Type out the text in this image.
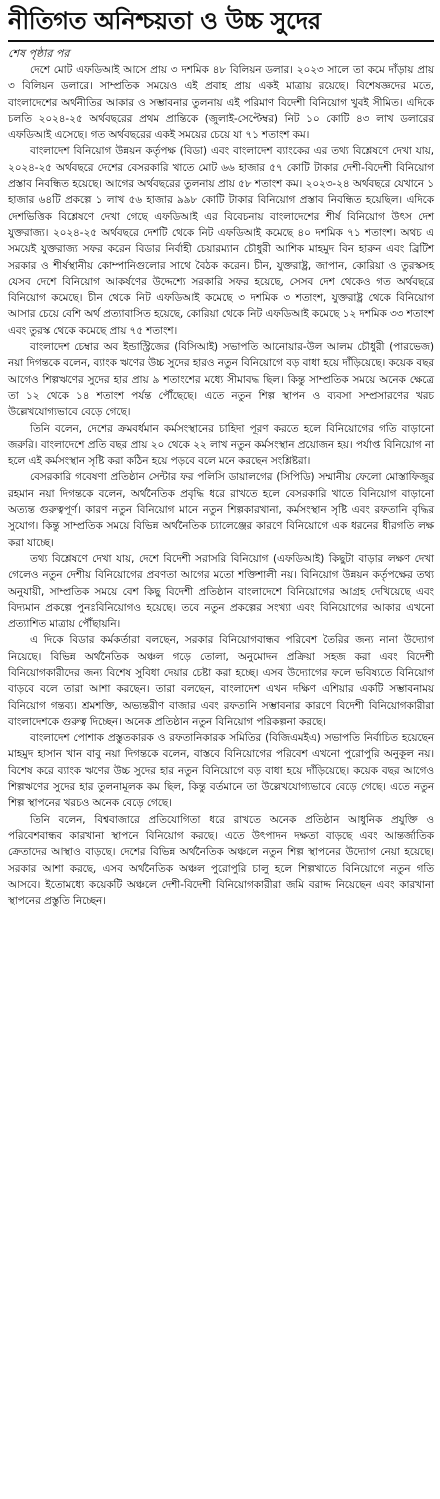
নীতিগত অনিশ্চয়তা ও উচ্চ সুদের

শেষ পৃষ্ঠার পর

দেশে মোট এফডিআই আসে প্রায় ৩ দশমিক ৪৮ বিলিয়ন ডলার। ২০২৩ সালে তা কমে দাঁড়ায় প্রায় ৩ বিলিয়ন ডলারে। সাম্প্রতিক সময়েও এই প্রবাহ প্রায় একই মাত্রায় রয়েছে। বিশেষজ্ঞদের মতে, বাংলাদেশের অর্থনীতির আকার ও সম্ভাবনার তুলনায় এই পরিমাণ বিদেশী বিনিয়োগ খুবই সীমিত। এদিকে চলতি ২০২৪-২৫ অর্থবছরের প্রথম প্রান্তিকে (জুলাই-সেপ্টেম্বর) নিট ১০ কোটি ৪৩ লাখ ডলারের এফডিআই এসেছে। গত অর্থবছরের একই সময়ের চেয়ে যা ৭১ শতাংশ কম।

বাংলাদেশ বিনিয়োগ উন্নয়ন কর্তৃপক্ষ (বিডা) এবং বাংলাদেশ ব্যাংকের এর তথ্য বিশ্লেষণে দেখা যায়, ২০২৪-২৫ অর্থবছরে দেশের বেসরকারি খাতে মোট ৬৬ হাজার ৫৭ কোটি টাকার দেশী-বিদেশী বিনিয়োগ প্রস্তাব নিবন্ধিত হয়েছে। আগের অর্থবছরের তুলনায় প্রায় ৫৮ শতাংশ কম। ২০২৩-২৪ অর্থবছরে যেখানে ১ হাজার ৬৪টি প্রকল্পে ১ লাখ ৫৬ হাজার ৯৯৮ কোটি টাকার বিনিয়োগ প্রস্তাব নিবন্ধিত হয়েছিল। এদিকে দেশভিত্তিক বিশ্লেষণে দেখা গেছে এফডিআই এর বিবেচনায় বাংলাদেশের শীর্ষ বিনিয়োগ উৎস দেশ যুক্তরাজ্য। ২০২৪-২৫ অর্থবছরে দেশটি থেকে নিট এফডিআই কমেছে ৪০ দশমিক ৭১ শতাংশ। অথচ এ সময়েই যুক্তরাজ্য সফর করেন বিডার নির্বাহী চেয়ারম্যান চৌধুরী আশিক মাহমুদ বিন হারুন এবং ব্রিটিশ সরকার ও শীর্ষস্থানীয় কোম্পানিগুলোর সাথে বৈঠক করেন। চীন, যুক্তরাষ্ট্র, জাপান, কোরিয়া ও তুরস্কসহ যেসব দেশে বিনিয়োগ আকর্ষণের উদ্দেশ্যে সরকারি সফর হয়েছে, সেসব দেশ থেকেও গত অর্থবছরে বিনিয়োগ কমেছে। চীন থেকে নিট এফডিআই কমেছে ৩ দশমিক ৩ শতাংশ, যুক্তরাষ্ট্র থেকে বিনিয়োগ আসার চেয়ে বেশি অর্থ প্রত্যাবাসিত হয়েছে, কোরিয়া থেকে নিট এফডিআই কমেছে ১২ দশমিক ৩৩ শতাংশ এবং তুরস্ক থেকে কমেছে প্রায় ৭৫ শতাংশ।

বাংলাদেশ চেম্বার অব ইন্ডাস্ট্রিজের (বিসিআই) সভাপতি আনোয়ার-উল আলম চৌধুরী (পারভেজ) নয়া দিগন্তকে বলেন, ব্যাংক ঋণের উচ্চ সুদের হারও নতুন বিনিয়োগে বড় বাধা হয়ে দাঁড়িয়েছে। কয়েক বছর আগেও শিল্পঋণের সুদের হার প্রায় ৯ শতাংশের মধ্যে সীমাবদ্ধ ছিল। কিন্তু সাম্প্রতিক সময়ে অনেক ক্ষেত্রে তা ১২ থেকে ১৪ শতাংশ পর্যন্ত পৌঁছেছে। এতে নতুন শিল্প স্থাপন ও ব্যবসা সম্প্রসারণের খরচ উল্লেখযোগ্যভাবে বেড়ে গেছে।

তিনি বলেন, দেশের ক্রমবর্ধমান কর্মসংস্থানের চাহিদা পূরণ করতে হলে বিনিয়োগের গতি বাড়ানো জরুরি। বাংলাদেশে প্রতি বছর প্রায় ২০ থেকে ২২ লাখ নতুন কর্মসংস্থান প্রয়োজন হয়। পর্যাপ্ত বিনিয়োগ না হলে এই কর্মসংস্থান সৃষ্টি করা কঠিন হয়ে পড়বে বলে মনে করছেন সংশ্লিষ্টরা।

বেসরকারি গবেষণা প্রতিষ্ঠান সেন্টার ফর পলিসি ডায়ালগের (সিপিডি) সম্মানীয় ফেলো মোস্তাফিজুর রহমান নয়া দিগন্তকে বলেন, অর্থনৈতিক প্রবৃদ্ধি ধরে রাখতে হলে বেসরকারি খাতে বিনিয়োগ বাড়ানো অত্যন্ত গুরুত্বপূর্ণ। কারণ নতুন বিনিয়োগ মানে নতুন শিল্পকারখানা, কর্মসংস্থান সৃষ্টি এবং রফতানি বৃদ্ধির সুযোগ। কিন্তু সাম্প্রতিক সময়ে বিভিন্ন অর্থনৈতিক চ্যালেঞ্জের কারণে বিনিয়োগে এক ধরনের ধীরগতি লক্ষ করা যাচ্ছে।

তথ্য বিশ্লেষণে দেখা যায়, দেশে বিদেশী সরাসরি বিনিয়োগ (এফডিআই) কিছুটা বাড়ার লক্ষণ দেখা গেলেও নতুন দেশীয় বিনিয়োগের প্রবণতা আগের মতো শক্তিশালী নয়। বিনিয়োগ উন্নয়ন কর্তৃপক্ষের তথ্য অনুযায়ী, সাম্প্রতিক সময়ে বেশ কিছু বিদেশী প্রতিষ্ঠান বাংলাদেশে বিনিয়োগের আগ্রহ দেখিয়েছে এবং বিদ্যমান প্রকল্পে পুনঃবিনিয়োগও হয়েছে। তবে নতুন প্রকল্পের সংখ্যা এবং বিনিয়োগের আকার এখনো প্রত্যাশিত মাত্রায় পৌঁছায়নি।

এ দিকে বিডার কর্মকর্তারা বলছেন, সরকার বিনিয়োগবান্ধব পরিবেশ তৈরির জন্য নানা উদ্যোগ নিয়েছে। বিভিন্ন অর্থনৈতিক অঞ্চল গড়ে তোলা, অনুমোদন প্রক্রিয়া সহজ করা এবং বিদেশী বিনিয়োগকারীদের জন্য বিশেষ সুবিধা দেয়ার চেষ্টা করা হচ্ছে। এসব উদ্যোগের ফলে ভবিষ্যতে বিনিয়োগ বাড়বে বলে তারা আশা করছেন। তারা বলছেন, বাংলাদেশ এখন দক্ষিণ এশিয়ার একটি সম্ভাবনাময় বিনিয়োগ গন্তব্য। শ্রমশক্তি, অভ্যন্তরীণ বাজার এবং রফতানি সম্ভাবনার কারণে বিদেশী বিনিয়োগকারীরা বাংলাদেশকে গুরুত্ব দিচ্ছেন। অনেক প্রতিষ্ঠান নতুন বিনিয়োগ পরিকল্পনা করছে।

বাংলাদেশ পোশাক প্রস্তুতকারক ও রফতানিকারক সমিতির (বিজিএমইএ) সভাপতি নির্বাচিত হয়েছেন মাহমুদ হাসান খান বাবু নয়া দিগন্তকে বলেন, বাস্তবে বিনিয়োগের পরিবেশ এখনো পুরোপুরি অনুকূল নয়। বিশেষ করে ব্যাংক ঋণের উচ্চ সুদের হার নতুন বিনিয়োগে বড় বাধা হয়ে দাঁড়িয়েছে। কয়েক বছর আগেও শিল্পঋণের সুদের হার তুলনামূলক কম ছিল, কিন্তু বর্তমানে তা উল্লেখযোগ্যভাবে বেড়ে গেছে। এতে নতুন শিল্প স্থাপনের খরচও অনেক বেড়ে গেছে।

তিনি বলেন, বিশ্ববাজারে প্রতিযোগিতা ধরে রাখতে অনেক প্রতিষ্ঠান আধুনিক প্রযুক্তি ও পরিবেশবান্ধব কারখানা স্থাপনে বিনিয়োগ করছে। এতে উৎপাদন দক্ষতা বাড়ছে এবং আন্তর্জাতিক ক্রেতাদের আস্থাও বাড়ছে। দেশের বিভিন্ন অর্থনৈতিক অঞ্চলে নতুন শিল্প স্থাপনের উদ্যোগ নেয়া হয়েছে। সরকার আশা করছে, এসব অর্থনৈতিক অঞ্চল পুরোপুরি চালু হলে শিল্পখাতে বিনিয়োগে নতুন গতি আসবে। ইতোমধ্যে কয়েকটি অঞ্চলে দেশী-বিদেশী বিনিয়োগকারীরা জমি বরাদ্দ নিয়েছেন এবং কারখানা স্থাপনের প্রস্তুতি নিচ্ছেন।
